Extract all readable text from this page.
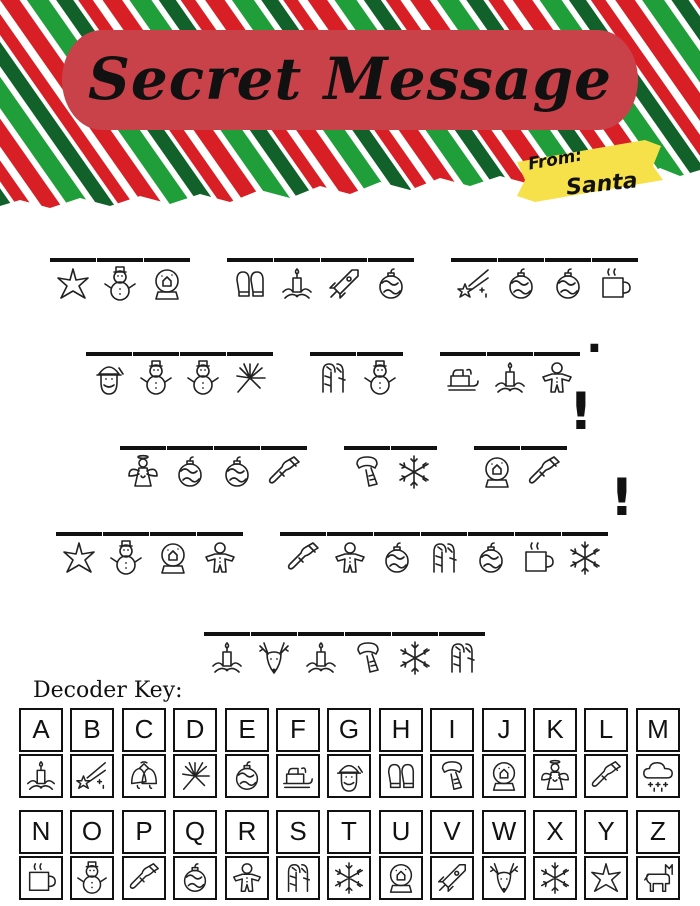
Secret Message
From:
Santa
.
!
!
Decoder Key:
A	B	C	D	E	F	G	H	I	J	K	L	M
N	O	P	Q	R	S	T	U	V	W	X	Y	Z
